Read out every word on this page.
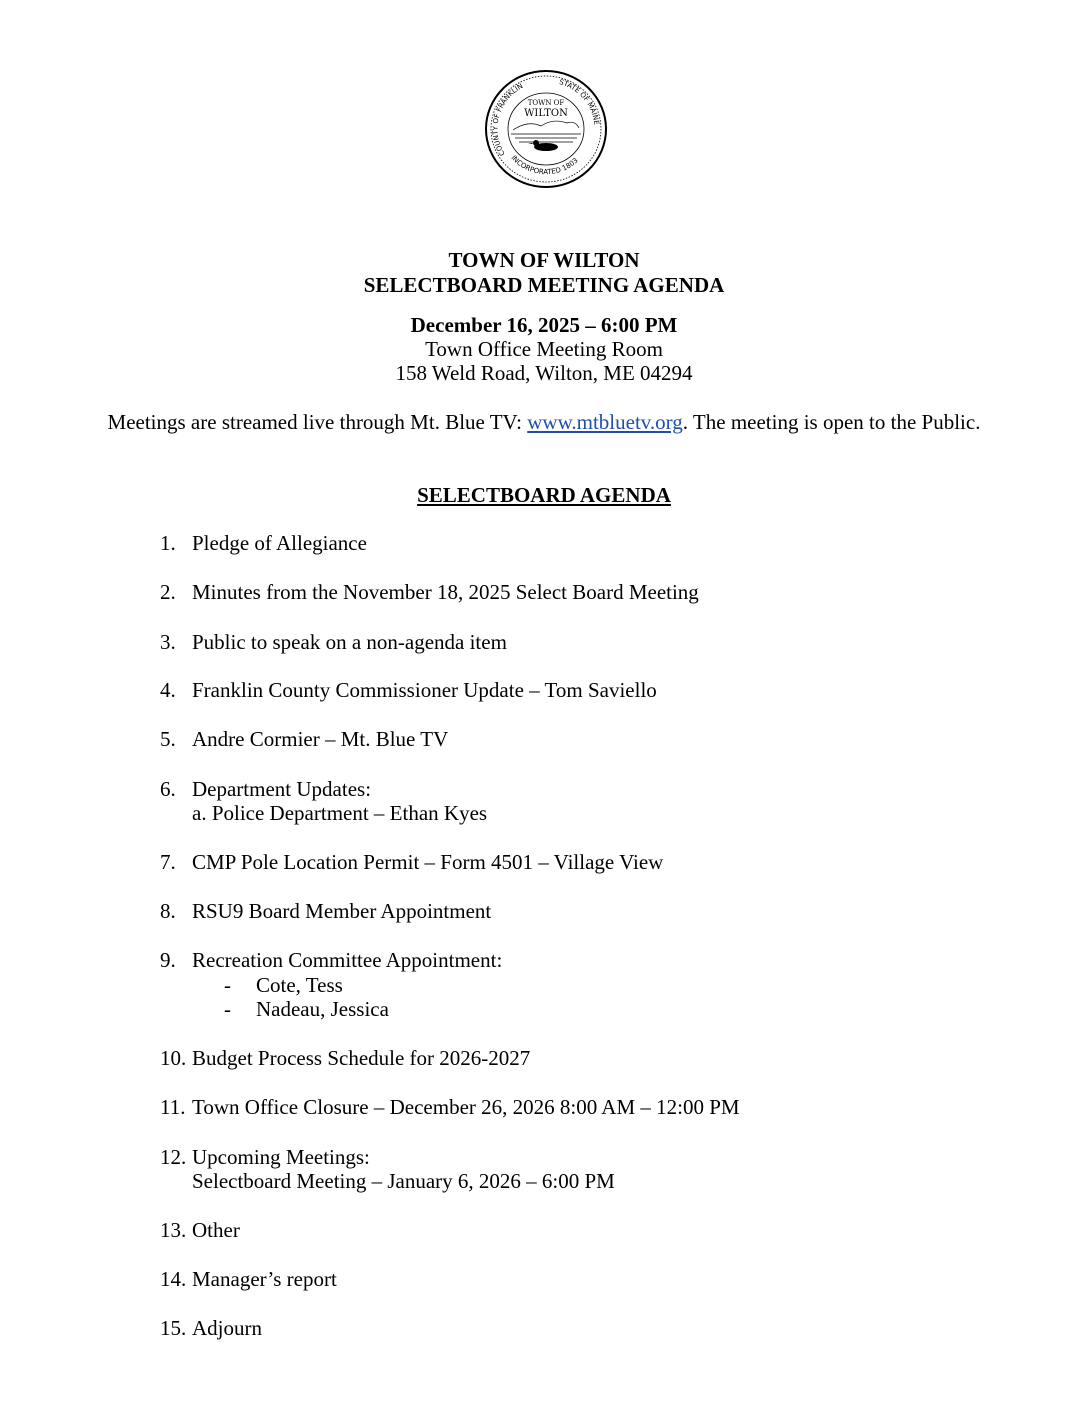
COUNTY OF FRANKLIN	STATE OF MAINE
INCORPORATED 1803
TOWN OF
WILTON
TOWN OF WILTON
SELECTBOARD MEETING AGENDA
December 16, 2025 – 6:00 PM
Town Office Meeting Room
158 Weld Road, Wilton, ME 04294
Meetings are streamed live through Mt. Blue TV: www.mtbluetv.org. The meeting is open to the Public.
SELECTBOARD AGENDA
1. Pledge of Allegiance
2. Minutes from the November 18, 2025 Select Board Meeting
3. Public to speak on a non-agenda item
4. Franklin County Commissioner Update – Tom Saviello
5. Andre Cormier – Mt. Blue TV
6. Department Updates:
a. Police Department – Ethan Kyes
7. CMP Pole Location Permit – Form 4501 – Village View
8. RSU9 Board Member Appointment
9. Recreation Committee Appointment:
- Cote, Tess
- Nadeau, Jessica
10. Budget Process Schedule for 2026-2027
11. Town Office Closure – December 26, 2026 8:00 AM – 12:00 PM
12. Upcoming Meetings:
Selectboard Meeting – January 6, 2026 – 6:00 PM
13. Other
14. Manager’s report
15. Adjourn
